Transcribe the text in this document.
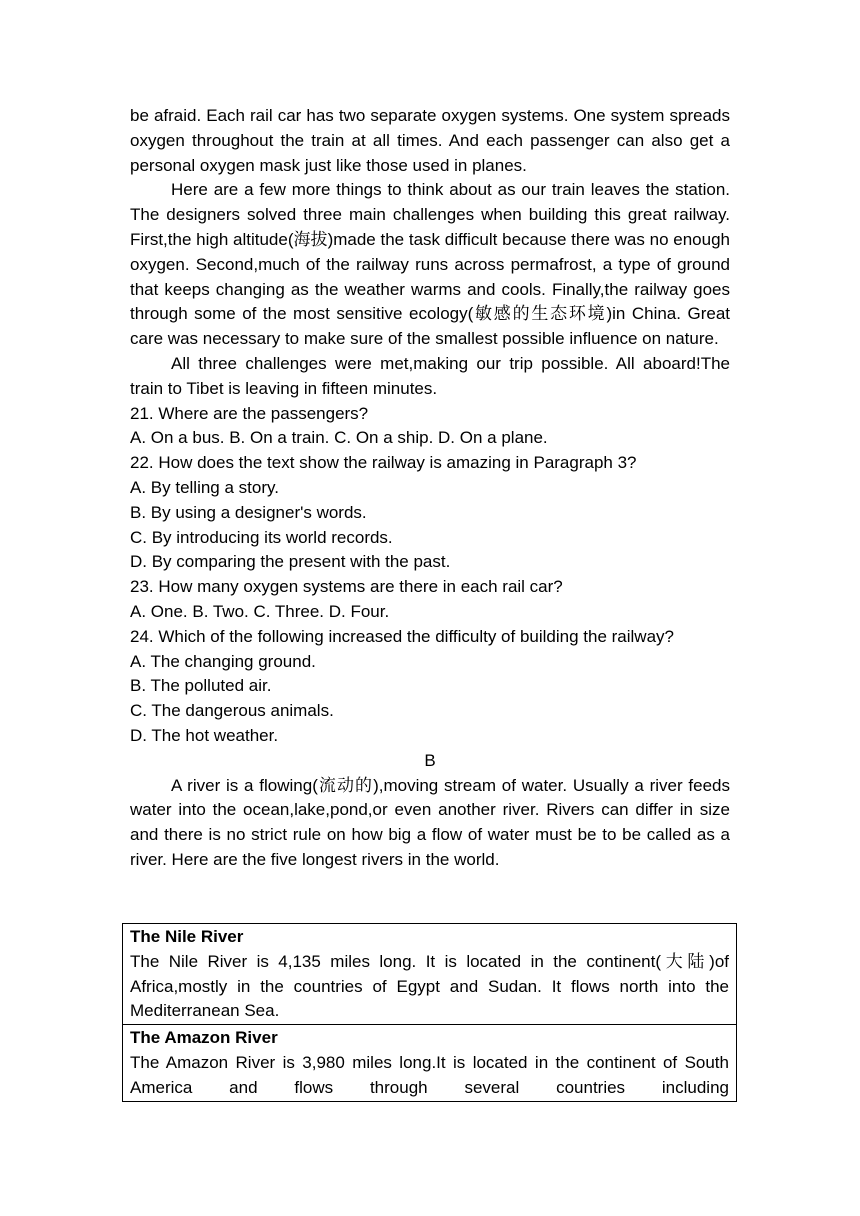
be afraid. Each rail car has two separate oxygen systems. One system spreads oxygen throughout the train at all times. And each passenger can also get a personal oxygen mask just like those used in planes.

Here are a few more things to think about as our train leaves the station. The designers solved three main challenges when building this great railway. First,the high altitude(海拔)made the task difficult because there was no enough oxygen. Second,much of the railway runs across permafrost, a type of ground that keeps changing as the weather warms and cools. Finally,the railway goes through some of the most sensitive ecology(敏感的生态环境)in China. Great care was necessary to make sure of the smallest possible influence on nature.

All three challenges were met,making our trip possible. All aboard!The train to Tibet is leaving in fifteen minutes.

21. Where are the passengers?

A. On a bus. B. On a train. C. On a ship. D. On a plane.

22. How does the text show the railway is amazing in Paragraph 3?

A. By telling a story.

B. By using a designer's words.

C. By introducing its world records.

D. By comparing the present with the past.

23. How many oxygen systems are there in each rail car?

A. One. B. Two. C. Three. D. Four.

24. Which of the following increased the difficulty of building the railway?

A. The changing ground.

B. The polluted air.

C. The dangerous animals.

D. The hot weather.

B

A river is a flowing(流动的),moving stream of water. Usually a river feeds water into the ocean,lake,pond,or even another river. Rivers can differ in size and there is no strict rule on how big a flow of water must be to be called as a river. Here are the five longest rivers in the world.

The Nile River

The Nile River is 4,135 miles long. It is located in the continent(大陆)of Africa,mostly in the countries of Egypt and Sudan. It flows north into the Mediterranean Sea.

The Amazon River

The Amazon River is 3,980 miles long.It is located in the continent of South America and flows through several countries including
